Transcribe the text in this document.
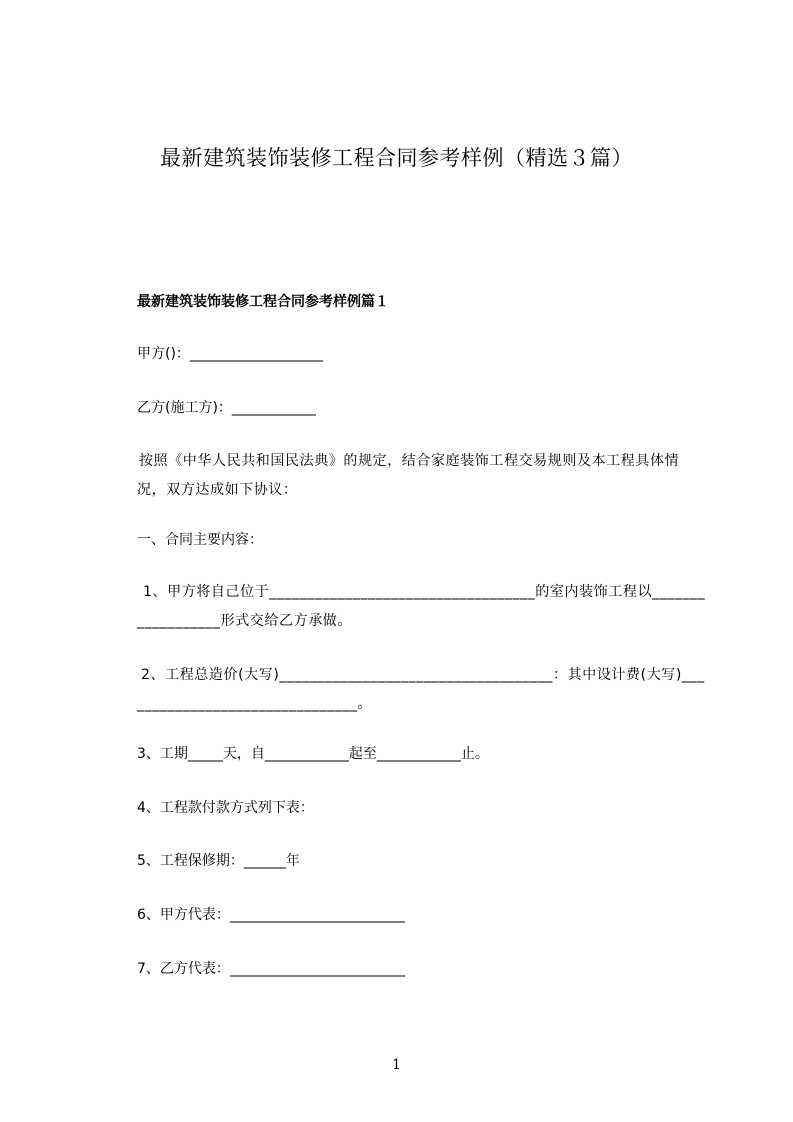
最新建筑装饰装修工程合同参考样例（精选３篇）
最新建筑装饰装修工程合同参考样例篇１
甲方()：___________________
乙方(施工方)：____________
按照《中华人民共和国民法典》的规定，结合家庭装饰工程交易规则及本工程具体情况，双方达成如下协议：
一、合同主要内容：
1、甲方将自己位于___________________________________的室内装饰工程以__________________形式交给乙方承做。
2、工程总造价(大写)____________________________________：其中设计费(大写)________________________________。
3、工期_____天，自____________起至____________止。
4、工程款付款方式列下表：
5、工程保修期：______年
6、甲方代表：_________________________
7、乙方代表：_________________________
1
